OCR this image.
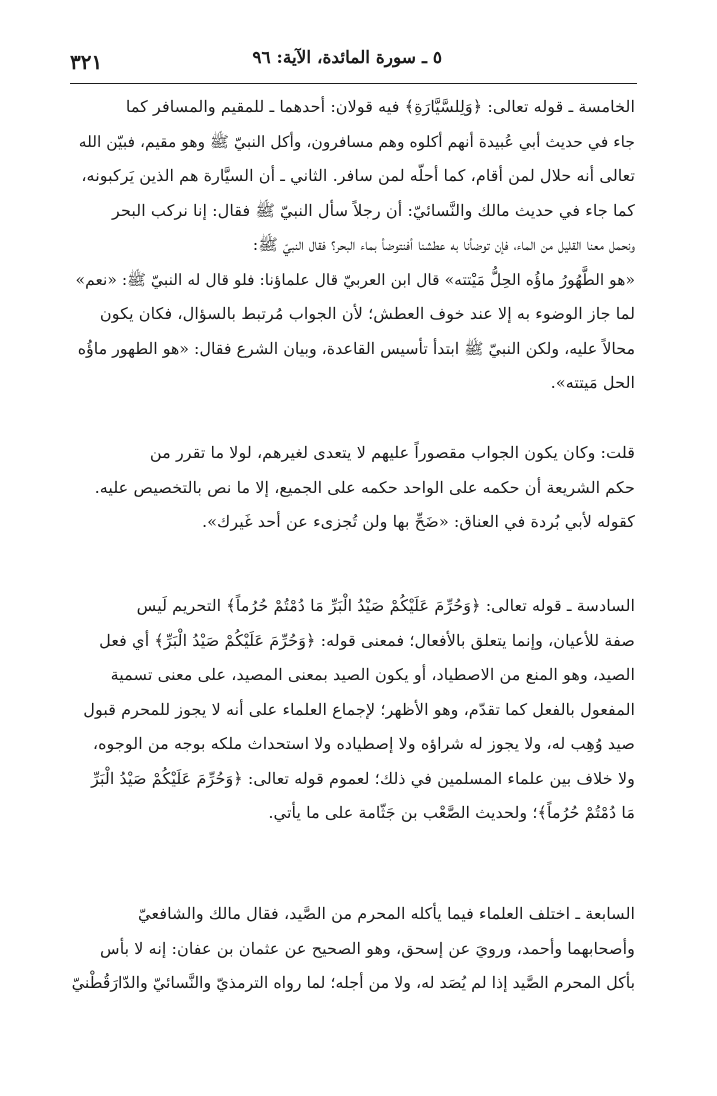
٥ ـ سورة المائدة، الآية: ٩٦
٣٢١
الخامسة ـ قوله تعالى: ﴿وَلِلسَّيَّارَةِ﴾ فيه قولان: أحدهما ـ للمقيم والمسافر كما
جاء في حديث أبي عُبيدة أنهم أكلوه وهم مسافرون، وأكل النبيّ ﷺ وهو مقيم، فبيّن الله
تعالى أنه حلال لمن أقام، كما أحلّه لمن سافر. الثاني ـ أن السيَّارة هم الذين يَركبونه،
كما جاء في حديث مالك والنَّسائيّ: أن رجلاً سأل النبيّ ﷺ فقال: إنا نركب البحر
ونحمل معنا القليل من الماء، فإن توضأنا به عطشنا أفنتوضأ بماء البحر؟ فقال النبيّ ﷺ:
«هو الطَّهُورُ ماؤُه الحِلُّ مَيْتته» قال ابن العربيّ قال علماؤنا: فلو قال له النبيّ ﷺ: «نعم»
لما جاز الوضوء به إلا عند خوف العطش؛ لأن الجواب مُرتبط بالسؤال، فكان يكون
محالاً عليه، ولكن النبيّ ﷺ ابتدأ تأسيس القاعدة، وبيان الشرع فقال: «هو الطهور ماؤُه
الحل مَيتته».
قلت: وكان يكون الجواب مقصوراً عليهم لا يتعدى لغيرهم، لولا ما تقرر من
حكم الشريعة أن حكمه على الواحد حكمه على الجميع، إلا ما نص بالتخصيص عليه.
كقوله لأبي بُردة في العناق: «ضَحِّ بها ولن تُجزىء عن أحد غَيرك».
السادسة ـ قوله تعالى: ﴿وَحُرِّمَ عَلَيْكُمْ صَيْدُ الْبَرِّ مَا دُمْتُمْ حُرُماً﴾ التحريم لَيس
صفة للأعيان، وإنما يتعلق بالأفعال؛ فمعنى قوله: ﴿وَحُرِّمَ عَلَيْكُمْ صَيْدُ الْبَرِّ﴾ أي فعل
الصيد، وهو المنع من الاصطياد، أو يكون الصيد بمعنى المصيد، على معنى تسمية
المفعول بالفعل كما تقدّم، وهو الأظهر؛ لإجماع العلماء على أنه لا يجوز للمحرم قبول
صيد وُهِب له، ولا يجوز له شراؤه ولا إصطياده ولا استحداث ملكه بوجه من الوجوه،
ولا خلاف بين علماء المسلمين في ذلك؛ لعموم قوله تعالى: ﴿وَحُرِّمَ عَلَيْكُمْ صَيْدُ الْبَرِّ
مَا دُمْتُمْ حُرُماً﴾؛ ولحديث الصَّعْب بن جَثّامة على ما يأتي.
السابعة ـ اختلف العلماء فيما يأكله المحرم من الصَّيد، فقال مالك والشافعيّ
وأصحابهما وأحمد، ورويَ عن إسحق، وهو الصحيح عن عثمان بن عفان: إنه لا بأس
بأكل المحرم الصَّيد إذا لم يُصَد له، ولا من أجله؛ لما رواه الترمذيّ والنَّسائيّ والدّارَقُطْنيّ
